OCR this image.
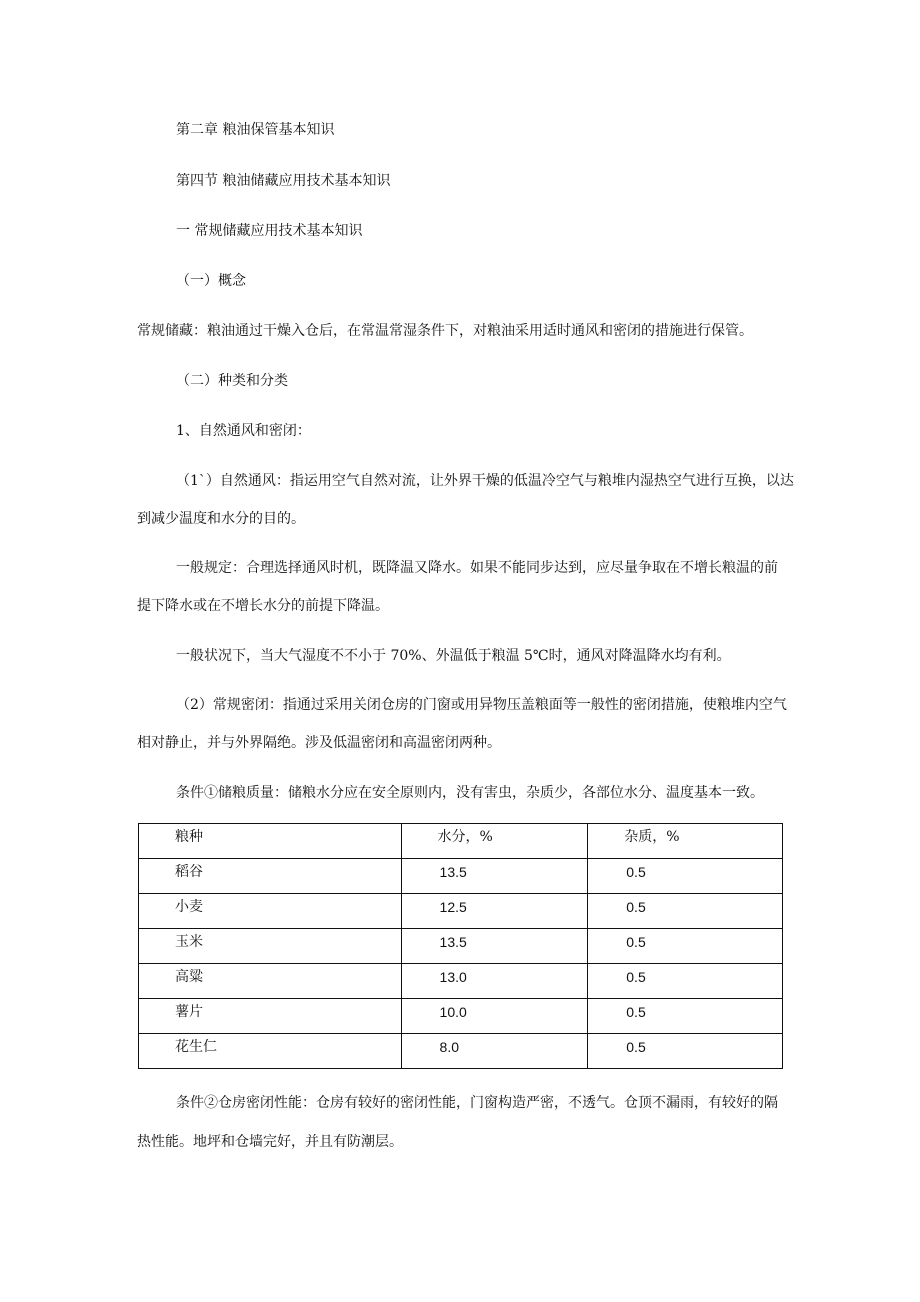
第二章 粮油保管基本知识
第四节 粮油储藏应用技术基本知识
一 常规储藏应用技术基本知识
（一）概念
常规储藏：粮油通过干燥入仓后，在常温常湿条件下，对粮油采用适时通风和密闭的措施进行保管。
（二）种类和分类
1、自然通风和密闭：
（1`）自然通风：指运用空气自然对流，让外界干燥的低温冷空气与粮堆内湿热空气进行互换，以达
到减少温度和水分的目的。
一般规定：合理选择通风时机，既降温又降水。如果不能同步达到，应尽量争取在不增长粮温的前
提下降水或在不增长水分的前提下降温。
一般状况下，当大气湿度不不小于 70%、外温低于粮温 5℃时，通风对降温降水均有利。
（2）常规密闭：指通过采用关闭仓房的门窗或用异物压盖粮面等一般性的密闭措施，使粮堆内空气
相对静止，并与外界隔绝。涉及低温密闭和高温密闭两种。
条件①储粮质量：储粮水分应在安全原则内，没有害虫，杂质少，各部位水分、温度基本一致。
粮种	水分，%	杂质，%
稻谷	13.5	0.5
小麦	12.5	0.5
玉米	13.5	0.5
高粱	13.0	0.5
薯片	10.0	0.5
花生仁	8.0	0.5
条件②仓房密闭性能：仓房有较好的密闭性能，门窗构造严密，不透气。仓顶不漏雨，有较好的隔
热性能。地坪和仓墙完好，并且有防潮层。
